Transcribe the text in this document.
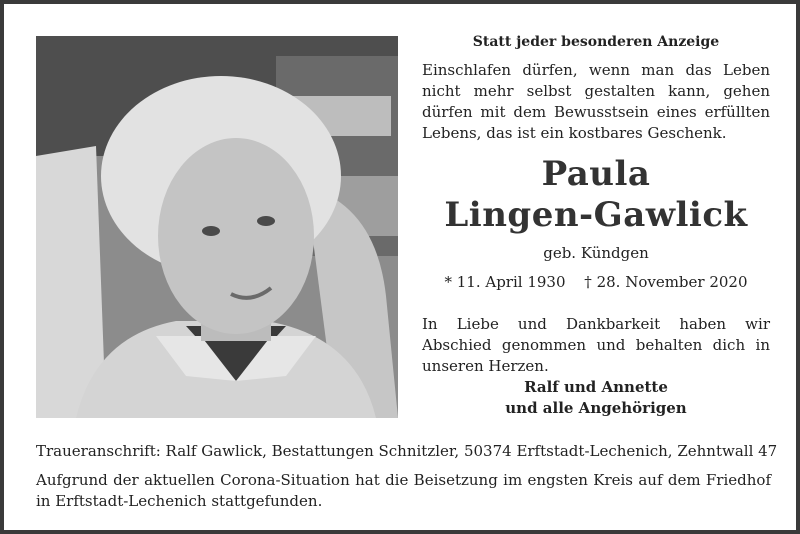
Statt jeder besonderen Anzeige
Einschlafen dürfen, wenn man das Leben nicht mehr selbst gestalten kann, gehen dürfen mit dem Bewusstsein eines erfüllten Lebens, das ist ein kostbares Geschenk.
Paula
Lingen-Gawlick
geb. Kündgen
* 11. April 1930 † 28. November 2020
In Liebe und Dankbarkeit haben wir Abschied genommen und behalten dich in unseren Herzen.
Ralf und Annette
und alle Angehörigen
Traueranschrift: Ralf Gawlick, Bestattungen Schnitzler, 50374 Erftstadt-Lechenich, Zehntwall 47
Aufgrund der aktuellen Corona-Situation hat die Beisetzung im engsten Kreis auf dem Friedhof in Erftstadt-Lechenich stattgefunden.
